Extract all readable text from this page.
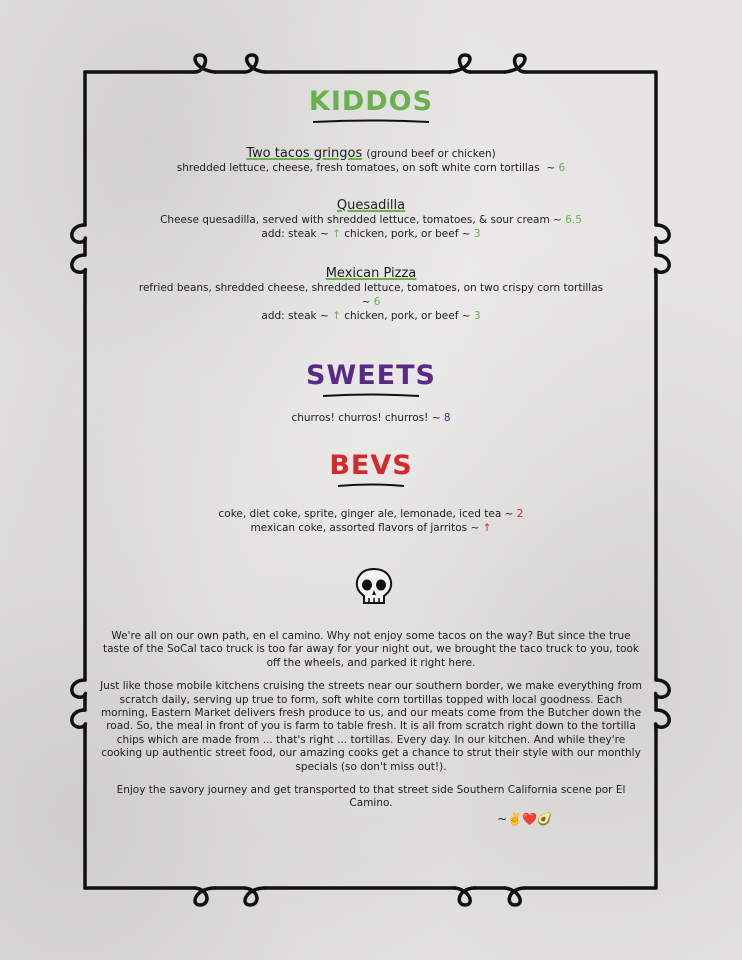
KIDDOS
Two tacos gringos (ground beef or chicken)
shredded lettuce, cheese, fresh tomatoes, on soft white corn tortillas ~ 6
Quesadilla
Cheese quesadilla, served with shredded lettuce, tomatoes, & sour cream ~ 6.5
add: steak ~ ↑ chicken, pork, or beef ~ 3
Mexican Pizza
refried beans, shredded cheese, shredded lettuce, tomatoes, on two crispy corn tortillas
~ 6
add: steak ~ ↑ chicken, pork, or beef ~ 3
SWEETS
churros! churros! churros! ~ 8
BEVS
coke, diet coke, sprite, ginger ale, lemonade, iced tea ~ 2
mexican coke, assorted flavors of jarritos ~ ↑

We're all on our own path, en el camino. Why not enjoy some tacos on the way? But since the true taste of the SoCal taco truck is too far away for your night out, we brought the taco truck to you, took off the wheels, and parked it right here.

Just like those mobile kitchens cruising the streets near our southern border, we make everything from scratch daily, serving up true to form, soft white corn tortillas topped with local goodness. Each morning, Eastern Market delivers fresh produce to us, and our meats come from the Butcher down the road. So, the meal in front of you is farm to table fresh. It is all from scratch right down to the tortilla chips which are made from ... that's right ... tortillas. Every day. In our kitchen. And while they're cooking up authentic street food, our amazing cooks get a chance to strut their style with our monthly specials (so don't miss out!).

Enjoy the savory journey and get transported to that street side Southern California scene por El Camino.

~✌️❤️🥑
